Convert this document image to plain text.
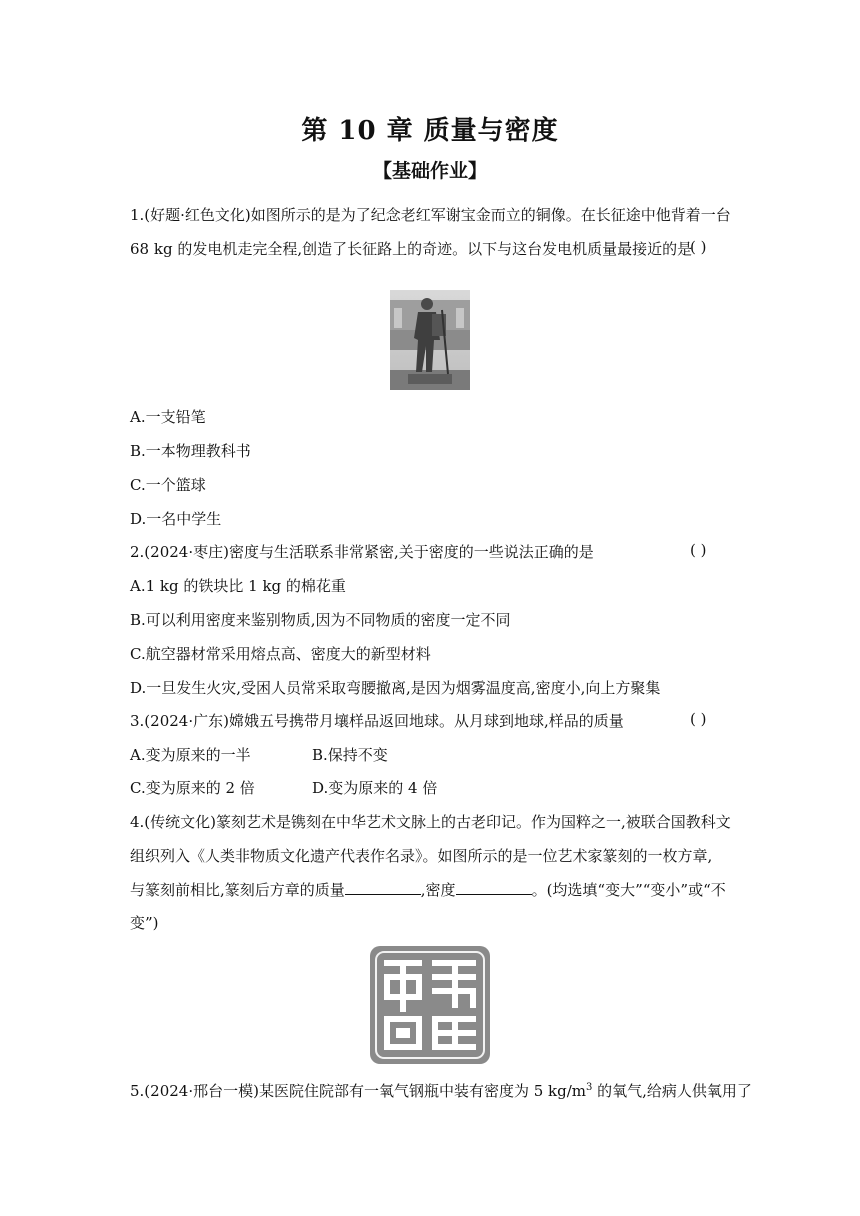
第 10 章 质量与密度
【基础作业】
1.(好题·红色文化)如图所示的是为了纪念老红军谢宝金而立的铜像。在长征途中他背着一台
68 kg 的发电机走完全程,创造了长征路上的奇迹。以下与这台发电机质量最接近的是
( )
A.一支铅笔
B.一本物理教科书
C.一个篮球
D.一名中学生
2.(2024·枣庄)密度与生活联系非常紧密,关于密度的一些说法正确的是	( )
A.1 kg 的铁块比 1 kg 的棉花重
B.可以利用密度来鉴别物质,因为不同物质的密度一定不同
C.航空器材常采用熔点高、密度大的新型材料
D.一旦发生火灾,受困人员常采取弯腰撤离,是因为烟雾温度高,密度小,向上方聚集
3.(2024·广东)嫦娥五号携带月壤样品返回地球。从月球到地球,样品的质量	( )
A.变为原来的一半	B.保持不变
C.变为原来的 2 倍	D.变为原来的 4 倍
4.(传统文化)篆刻艺术是镌刻在中华艺术文脉上的古老印记。作为国粹之一,被联合国教科文
组织列入《人类非物质文化遗产代表作名录》。如图所示的是一位艺术家篆刻的一枚方章,
与篆刻前相比,篆刻后方章的质量	,密度	。(均选填“变大”“变小”或“不
变”)
5.(2024·邢台一模)某医院住院部有一氧气钢瓶中装有密度为 5 $kg/m^3$ 的氧气,给病人供氧用了
